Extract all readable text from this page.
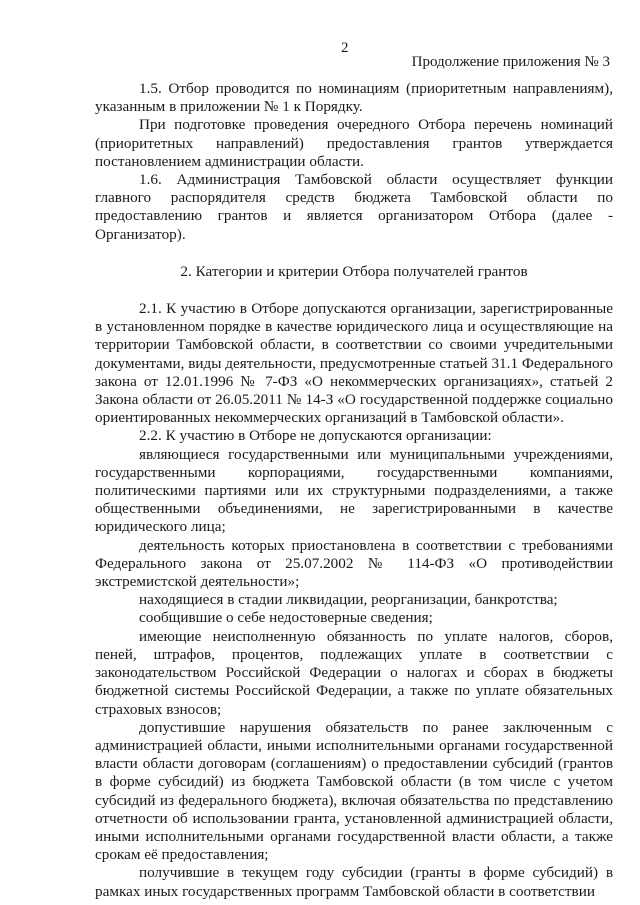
2
Продолжение приложения № 3

1.5. Отбор проводится по номинациям (приоритетным направлениям), указанным в приложении № 1 к Порядку.

При подготовке проведения очередного Отбора перечень номинаций (приоритетных направлений) предоставления грантов утверждается постановлением администрации области.

1.6. Администрация Тамбовской области осуществляет функции главного распорядителя средств бюджета Тамбовской области по предоставлению грантов и является организатором Отбора (далее - Организатор).

2. Категории и критерии Отбора получателей грантов

2.1. К участию в Отборе допускаются организации, зарегистрированные в установленном порядке в качестве юридического лица и осуществляющие на территории Тамбовской области, в соответствии со своими учредительными документами, виды деятельности, предусмотренные статьей 31.1 Федерального закона от 12.01.1996 № 7-ФЗ «О некоммерческих организациях», статьей 2 Закона области от 26.05.2011 № 14-З «О государственной поддержке социально ориентированных некоммерческих организаций в Тамбовской области».

2.2. К участию в Отборе не допускаются организации:

являющиеся государственными или муниципальными учреждениями, государственными корпорациями, государственными компаниями, политическими партиями или их структурными подразделениями, а также общественными объединениями, не зарегистрированными в качестве юридического лица;

деятельность которых приостановлена в соответствии с требованиями Федерального закона от 25.07.2002 № 114-ФЗ «О противодействии экстремистской деятельности»;

находящиеся в стадии ликвидации, реорганизации, банкротства;

сообщившие о себе недостоверные сведения;

имеющие неисполненную обязанность по уплате налогов, сборов, пеней, штрафов, процентов, подлежащих уплате в соответствии с законодательством Российской Федерации о налогах и сборах в бюджеты бюджетной системы Российской Федерации, а также по уплате обязательных страховых взносов;

допустившие нарушения обязательств по ранее заключенным с администрацией области, иными исполнительными органами государственной власти области договорам (соглашениям) о предоставлении субсидий (грантов в форме субсидий) из бюджета Тамбовской области (в том числе с учетом субсидий из федерального бюджета), включая обязательства по представлению отчетности об использовании гранта, установленной администрацией области, иными исполнительными органами государственной власти области, а также срокам её предоставления;

получившие в текущем году субсидии (гранты в форме субсидий) в рамках иных государственных программ Тамбовской области в соответствии
